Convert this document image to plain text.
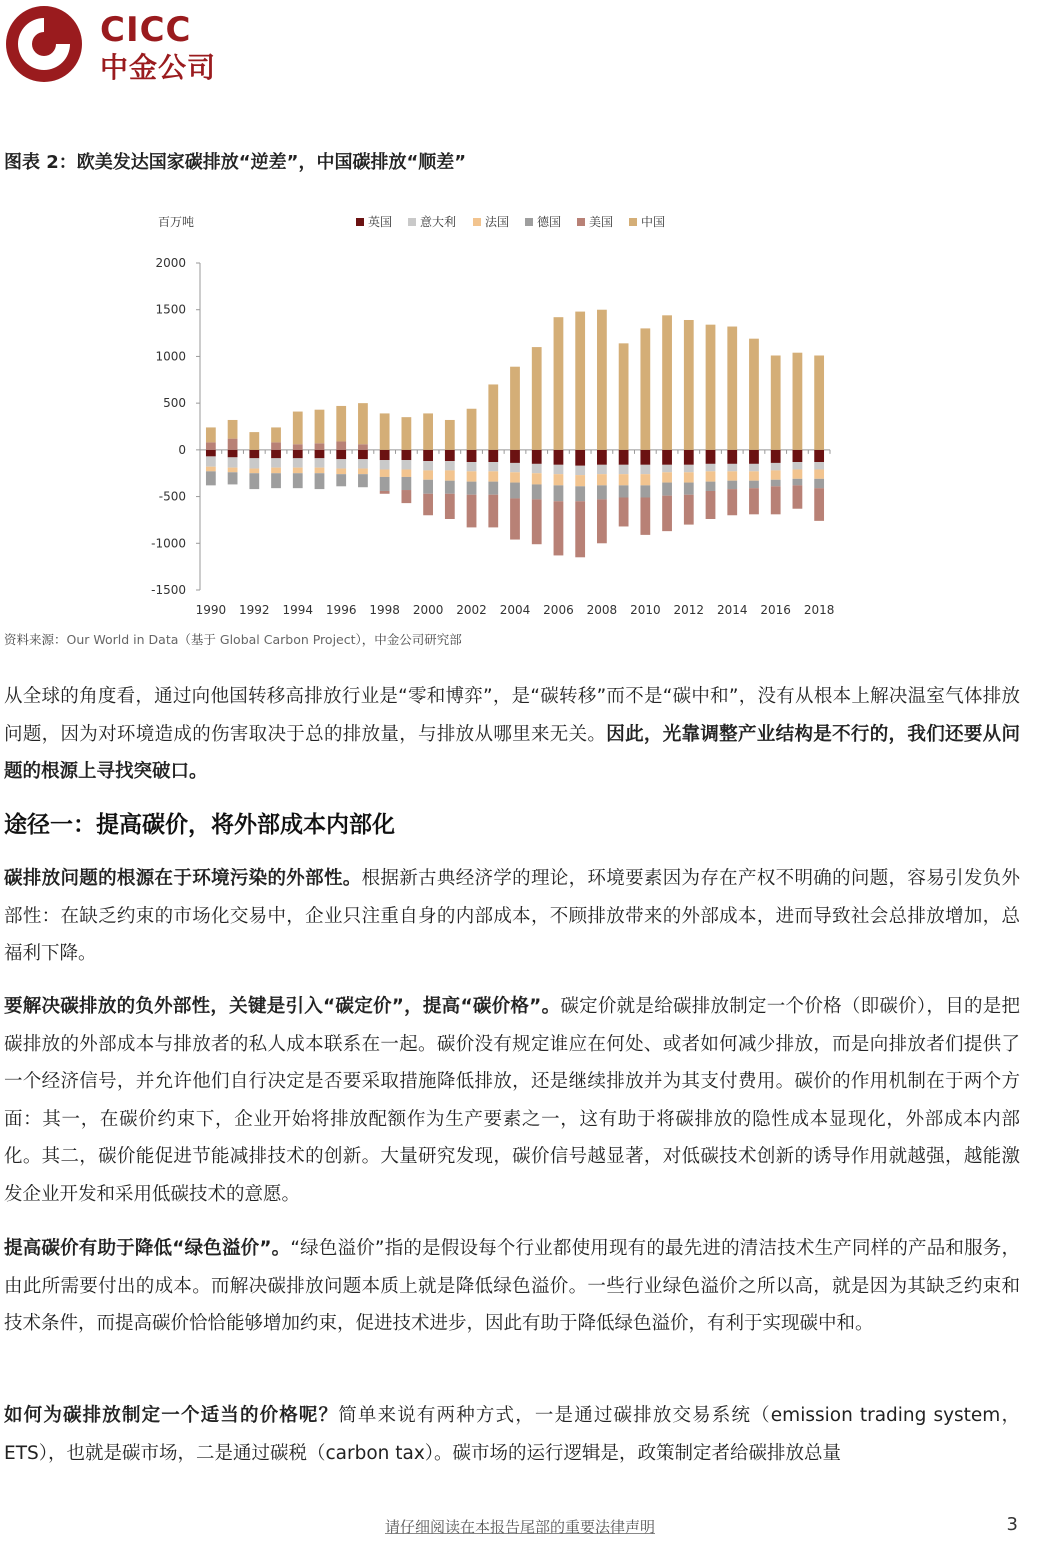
CICC
中金公司
图表 2：欧美发达国家碳排放“逆差”，中国碳排放“顺差”
百万吨	英国 意大利 法国 德国 美国 中国
1990 1992 1994 1996 1998 2000 2002 2004 2006 2008 2010 2012 2014 2016 2018
2000
1500
1000
500
0
-500
-1000
-1500
资料来源：Our World in Data（基于 Global Carbon Project），中金公司研究部

从全球的角度看，通过向他国转移高排放行业是“零和博弈”，是“碳转移”而不是“碳中和”，没有从根本上解决温室气体排放问题，因为对环境造成的伤害取决于总的排放量，与排放从哪里来无关。因此，光靠调整产业结构是不行的，我们还要从问题的根源上寻找突破口。

途径一：提高碳价，将外部成本内部化

碳排放问题的根源在于环境污染的外部性。根据新古典经济学的理论，环境要素因为存在产权不明确的问题，容易引发负外部性：在缺乏约束的市场化交易中，企业只注重自身的内部成本，不顾排放带来的外部成本，进而导致社会总排放增加，总福利下降。

要解决碳排放的负外部性，关键是引入“碳定价”，提高“碳价格”。碳定价就是给碳排放制定一个价格（即碳价），目的是把碳排放的外部成本与排放者的私人成本联系在一起。碳价没有规定谁应在何处、或者如何减少排放，而是向排放者们提供了一个经济信号，并允许他们自行决定是否要采取措施降低排放，还是继续排放并为其支付费用。碳价的作用机制在于两个方面：其一，在碳价约束下，企业开始将排放配额作为生产要素之一，这有助于将碳排放的隐性成本显现化，外部成本内部化。其二，碳价能促进节能减排技术的创新。大量研究发现，碳价信号越显著，对低碳技术创新的诱导作用就越强，越能激发企业开发和采用低碳技术的意愿。

提高碳价有助于降低“绿色溢价”。“绿色溢价”指的是假设每个行业都使用现有的最先进的清洁技术生产同样的产品和服务，由此所需要付出的成本。而解决碳排放问题本质上就是降低绿色溢价。一些行业绿色溢价之所以高，就是因为其缺乏约束和技术条件，而提高碳价恰恰能够增加约束，促进技术进步，因此有助于降低绿色溢价，有利于实现碳中和。

如何为碳排放制定一个适当的价格呢？简单来说有两种方式，一是通过碳排放交易系统（emission trading system，ETS），也就是碳市场，二是通过碳税（carbon tax）。碳市场的运行逻辑是，政策制定者给碳排放总量

请仔细阅读在本报告尾部的重要法律声明	3
